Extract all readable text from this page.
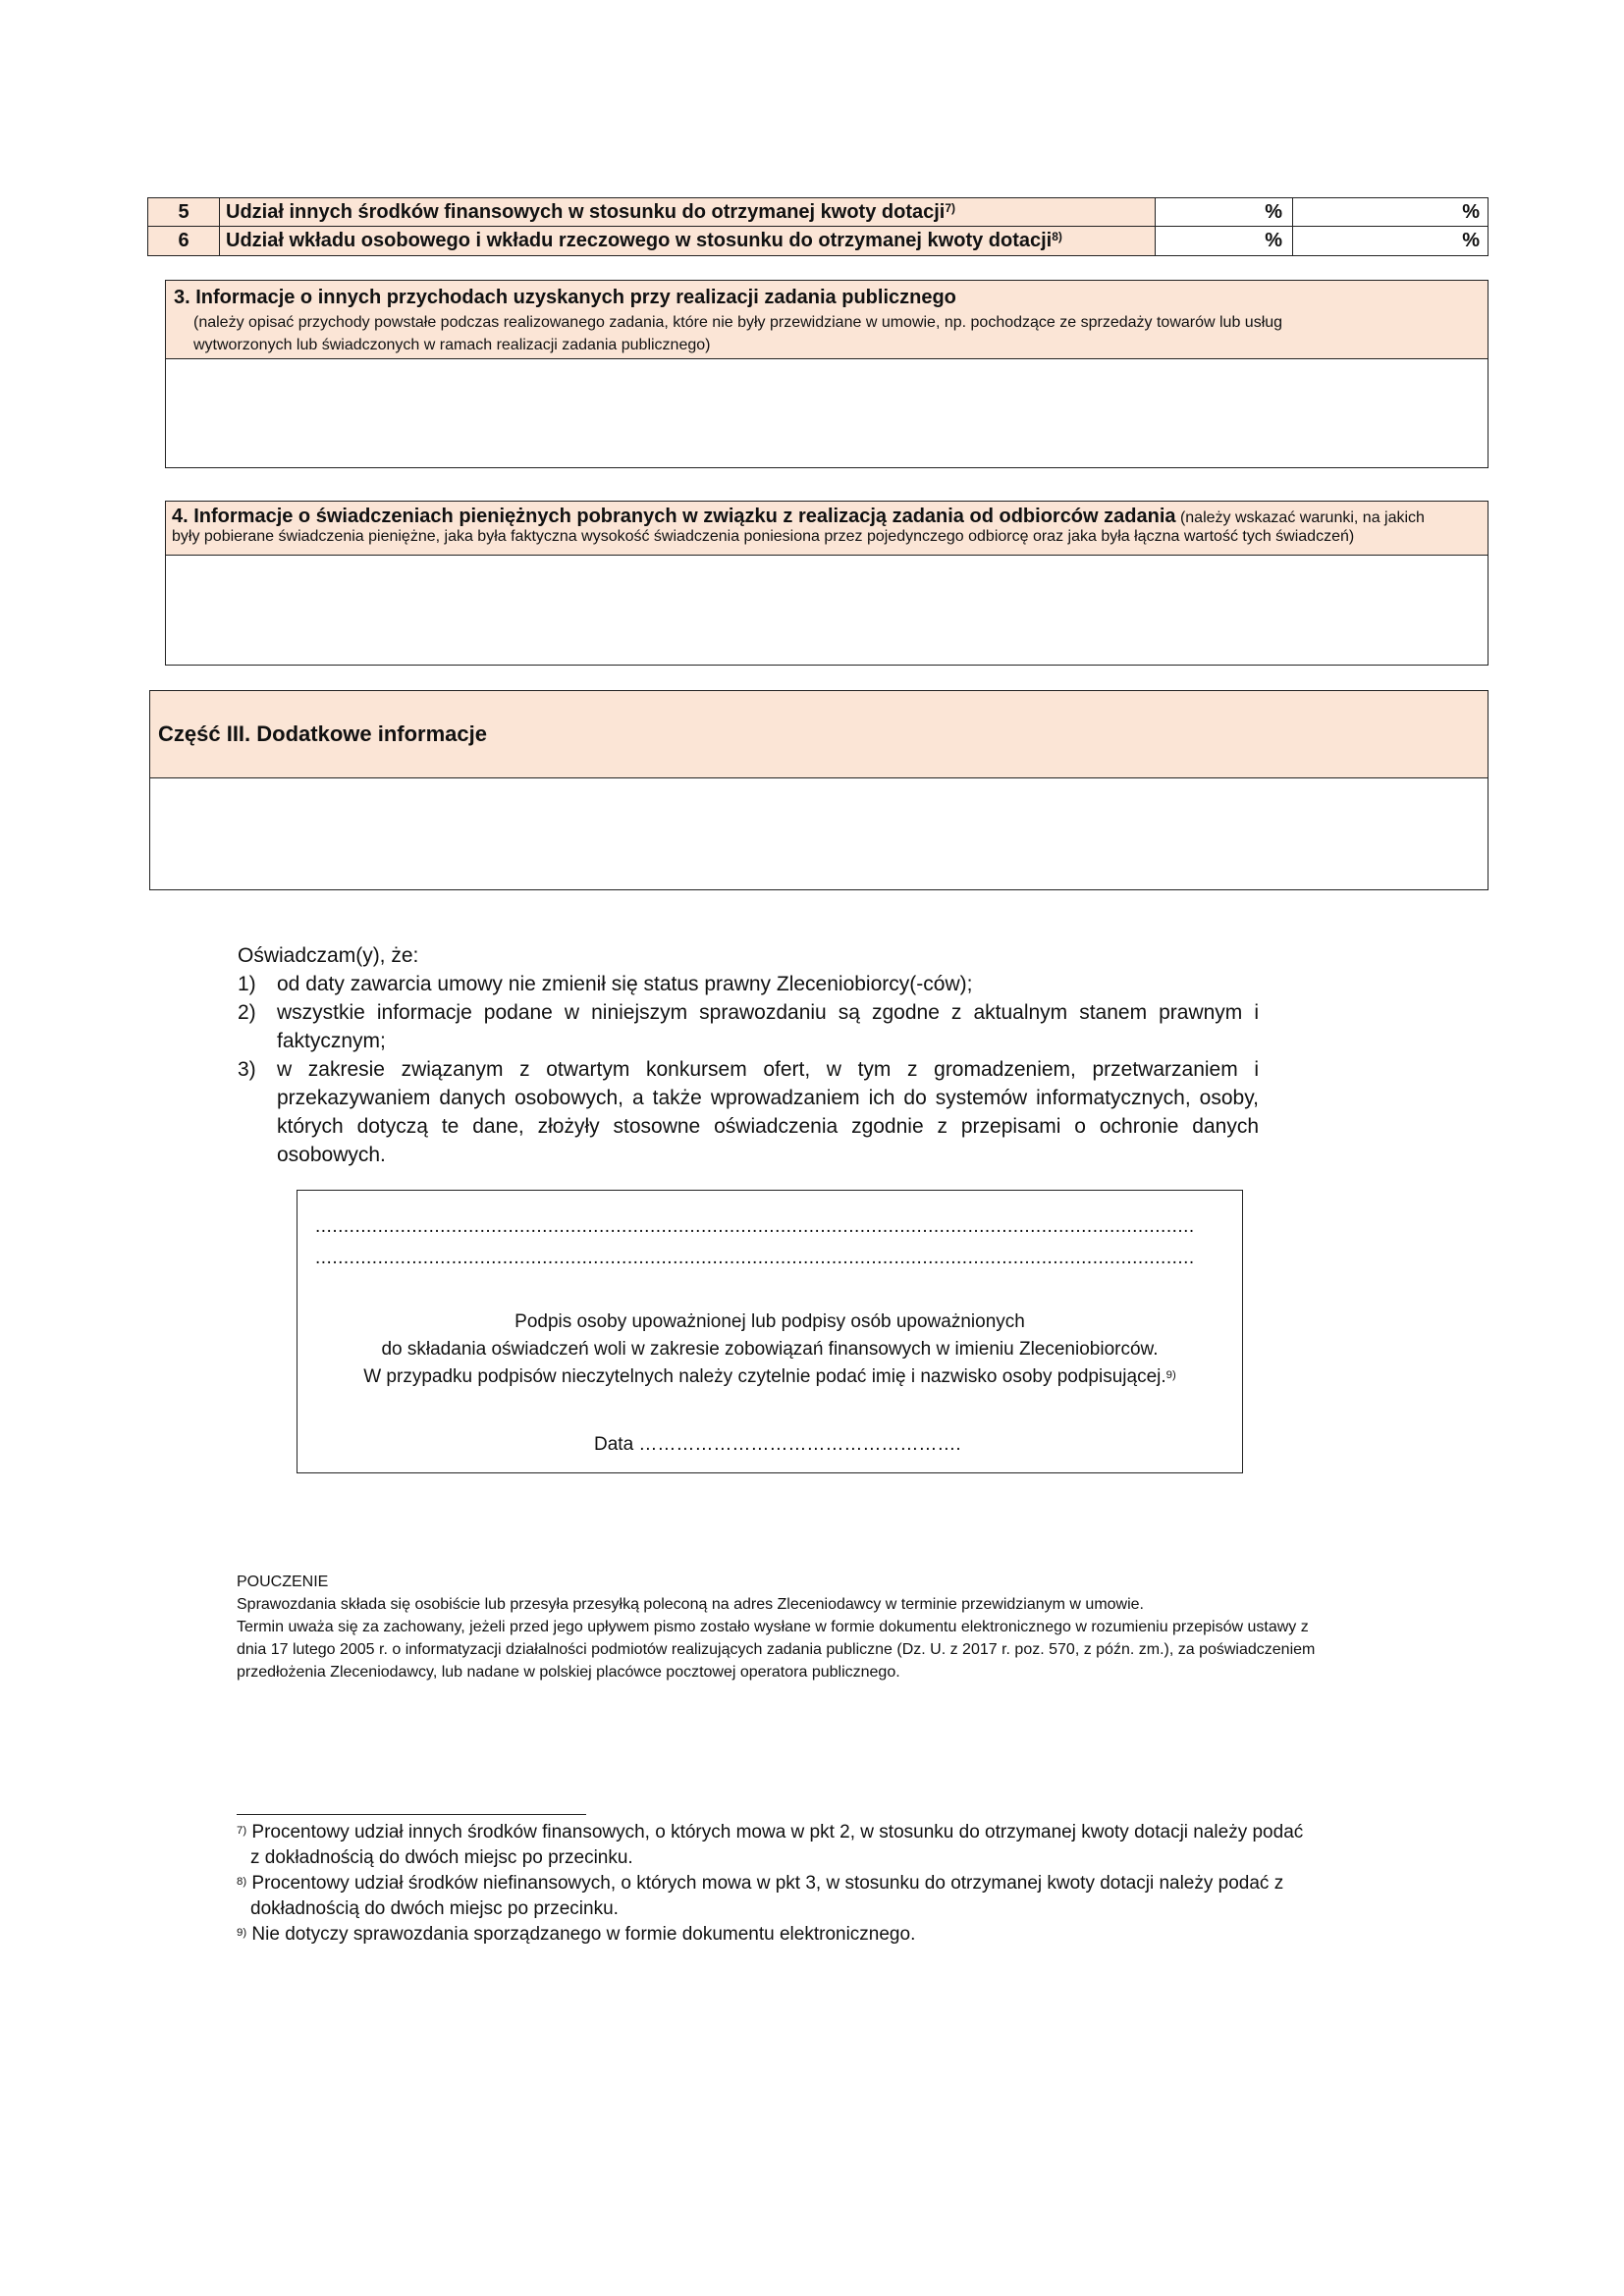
5	Udział innych środków finansowych w stosunku do otrzymanej kwoty dotacji$^{7)}$	%	%
6	Udział wkładu osobowego i wkładu rzeczowego w stosunku do otrzymanej kwoty dotacji$^{8)}$	%	%
3. Informacje o innych przychodach uzyskanych przy realizacji zadania publicznego
(należy opisać przychody powstałe podczas realizowanego zadania, które nie były przewidziane w umowie, np. pochodzące ze sprzedaży towarów lub usług
wytworzonych lub świadczonych w ramach realizacji zadania publicznego)
4. Informacje o świadczeniach pieniężnych pobranych w związku z realizacją zadania od odbiorców zadania (należy wskazać warunki, na jakich
były pobierane świadczenia pieniężne, jaka była faktyczna wysokość świadczenia poniesiona przez pojedynczego odbiorcę oraz jaka była łączna wartość tych świadczeń)
Część III. Dodatkowe informacje
Oświadczam(y), że:
1) od daty zawarcia umowy nie zmienił się status prawny Zleceniobiorcy(-ców);
2) wszystkie informacje podane w niniejszym sprawozdaniu są zgodne z aktualnym stanem prawnym i faktycznym;
3) w zakresie związanym z otwartym konkursem ofert, w tym z gromadzeniem, przetwarzaniem i przekazywaniem danych osobowych, a także wprowadzaniem ich do systemów informatycznych, osoby, których dotyczą te dane, złożyły stosowne oświadczenia zgodnie z przepisami o ochronie danych osobowych.
...........................................................................................................................................................
...........................................................................................................................................................
Podpis osoby upoważnionej lub podpisy osób upoważnionych
do składania oświadczeń woli w zakresie zobowiązań finansowych w imieniu Zleceniobiorców.
W przypadku podpisów nieczytelnych należy czytelnie podać imię i nazwisko osoby podpisującej.$^{9)}$
Data …………………………………………….
POUCZENIE
Sprawozdania składa się osobiście lub przesyła przesyłką poleconą na adres Zleceniodawcy w terminie przewidzianym w umowie.
Termin uważa się za zachowany, jeżeli przed jego upływem pismo zostało wysłane w formie dokumentu elektronicznego w rozumieniu przepisów ustawy z
dnia 17 lutego 2005 r. o informatyzacji działalności podmiotów realizujących zadania publiczne (Dz. U. z 2017 r. poz. 570, z późn. zm.), za poświadczeniem
przedłożenia Zleceniodawcy, lub nadane w polskiej placówce pocztowej operatora publicznego.
$^{7)}$ Procentowy udział innych środków finansowych, o których mowa w pkt 2, w stosunku do otrzymanej kwoty dotacji należy podać
z dokładnością do dwóch miejsc po przecinku.
$^{8)}$ Procentowy udział środków niefinansowych, o których mowa w pkt 3, w stosunku do otrzymanej kwoty dotacji należy podać z
dokładnością do dwóch miejsc po przecinku.
$^{9)}$ Nie dotyczy sprawozdania sporządzanego w formie dokumentu elektronicznego.
